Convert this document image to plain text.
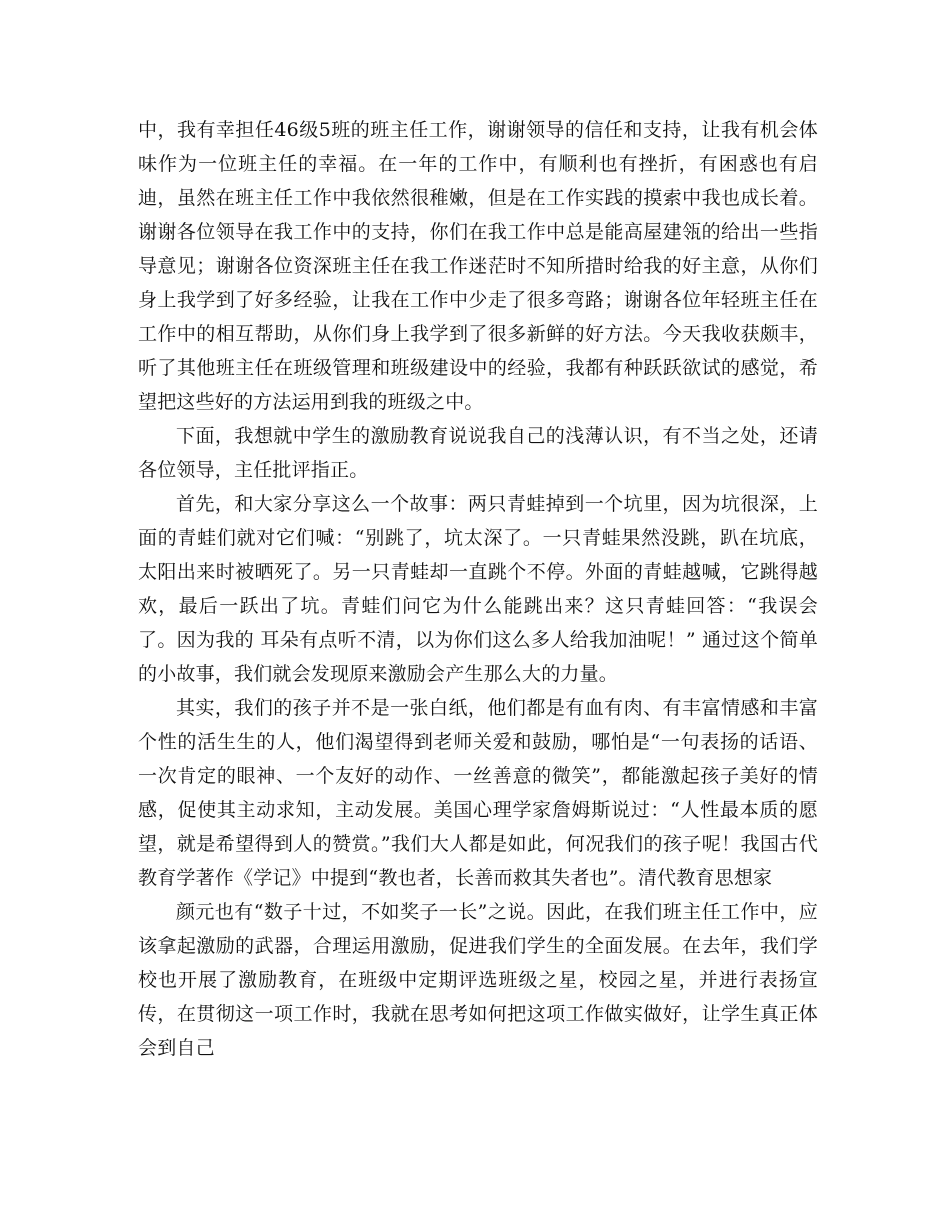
中，我有幸担任46级5班的班主任工作，谢谢领导的信任和支持，让我有机会体味作为一位班主任的幸福。在一年的工作中，有顺利也有挫折，有困惑也有启迪，虽然在班主任工作中我依然很稚嫩，但是在工作实践的摸索中我也成长着。谢谢各位领导在我工作中的支持，你们在我工作中总是能高屋建瓴的给出一些指导意见；谢谢各位资深班主任在我工作迷茫时不知所措时给我的好主意，从你们身上我学到了好多经验，让我在工作中少走了很多弯路；谢谢各位年轻班主任在工作中的相互帮助，从你们身上我学到了很多新鲜的好方法。今天我收获颇丰，听了其他班主任在班级管理和班级建设中的经验，我都有种跃跃欲试的感觉，希望把这些好的方法运用到我的班级之中。

下面，我想就中学生的激励教育说说我自己的浅薄认识，有不当之处，还请各位领导，主任批评指正。

首先，和大家分享这么一个故事：两只青蛙掉到一个坑里，因为坑很深，上面的青蛙们就对它们喊：“别跳了，坑太深了。一只青蛙果然没跳，趴在坑底，太阳出来时被晒死了。另一只青蛙却一直跳个不停。外面的青蛙越喊，它跳得越欢，最后一跃出了坑。青蛙们问它为什么能跳出来？这只青蛙回答：“我误会了。因为我的 耳朵有点听不清，以为你们这么多人给我加油呢！” 通过这个简单的小故事，我们就会发现原来激励会产生那么大的力量。

其实，我们的孩子并不是一张白纸，他们都是有血有肉、有丰富情感和丰富个性的活生生的人，他们渴望得到老师关爱和鼓励，哪怕是“一句表扬的话语、一次肯定的眼神、一个友好的动作、一丝善意的微笑”，都能激起孩子美好的情感，促使其主动求知，主动发展。美国心理学家詹姆斯说过：“人性最本质的愿望，就是希望得到人的赞赏。”我们大人都是如此，何况我们的孩子呢！我国古代教育学著作《学记》中提到“教也者，长善而救其失者也”。清代教育思想家

颜元也有“数子十过，不如奖子一长”之说。因此，在我们班主任工作中，应该拿起激励的武器，合理运用激励，促进我们学生的全面发展。在去年，我们学校也开展了激励教育，在班级中定期评选班级之星，校园之星，并进行表扬宣传，在贯彻这一项工作时，我就在思考如何把这项工作做实做好，让学生真正体会到自己
